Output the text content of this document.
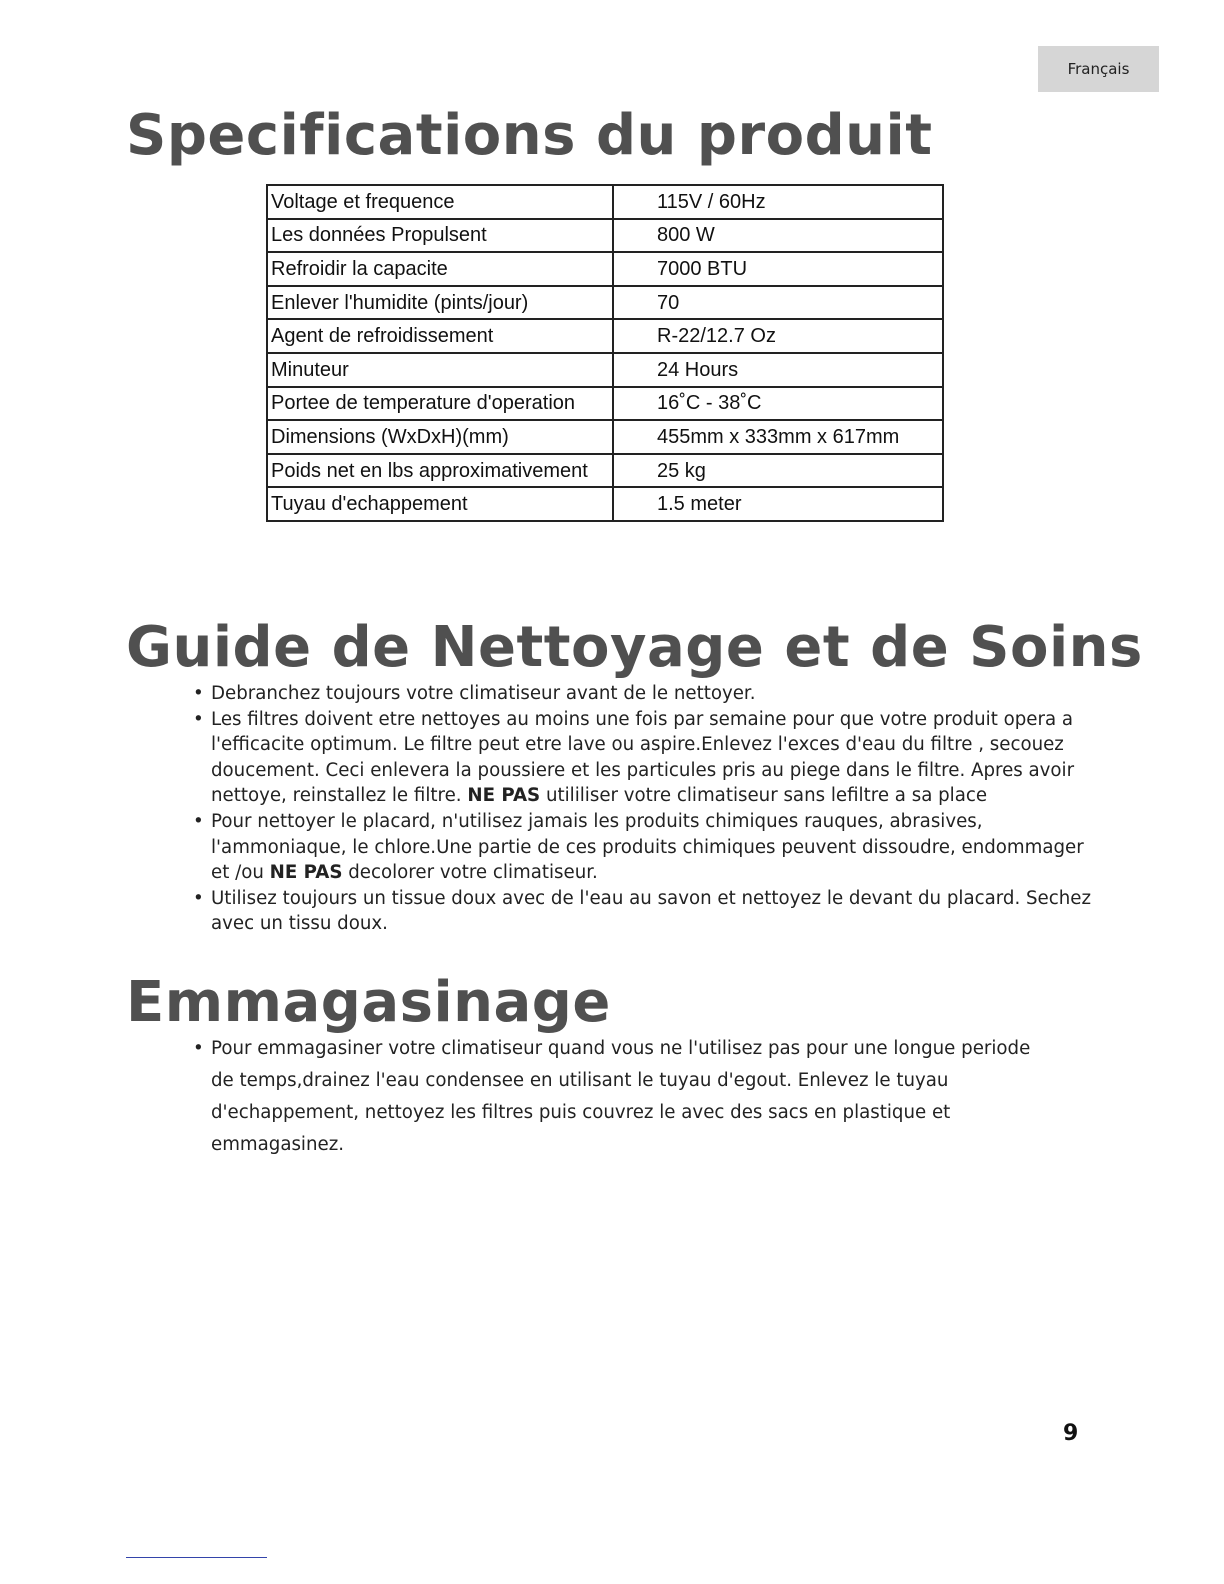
Français
Specifications du produit
Voltage et frequence	115V / 60Hz
Les données Propulsent	800 W
Refroidir la capacite	7000 BTU
Enlever l'humidite (pints/jour)	70
Agent de refroidissement	R-22/12.7 Oz
Minuteur	24 Hours
Portee de temperature d'operation	16˚C - 38˚C
Dimensions (WxDxH)(mm)	455mm x 333mm x 617mm
Poids net en lbs approximativement	25 kg
Tuyau d'echappement	1.5 meter
Guide de Nettoyage et de Soins
• Debranchez toujours votre climatiseur avant de le nettoyer.
• Les filtres doivent etre nettoyes au moins une fois par semaine pour que votre produit opera a l'efficacite optimum. Le filtre peut etre lave ou aspire.Enlevez l'exces d'eau du filtre , secouez doucement. Ceci enlevera la poussiere et les particules pris au piege dans le filtre. Apres avoir nettoye, reinstallez le filtre. NE PAS utililiser votre climatiseur sans lefiltre a sa place
• Pour nettoyer le placard, n'utilisez jamais les produits chimiques rauques, abrasives, l'ammoniaque, le chlore.Une partie de ces produits chimiques peuvent dissoudre, endommager et /ou NE PAS decolorer votre climatiseur.
• Utilisez toujours un tissue doux avec de l'eau au savon et nettoyez le devant du placard. Sechez avec un tissu doux.
Emmagasinage
• Pour emmagasiner votre climatiseur quand vous ne l'utilisez pas pour une longue periode de temps,drainez l'eau condensee en utilisant le tuyau d'egout. Enlevez le tuyau d'echappement, nettoyez les filtres puis couvrez le avec des sacs en plastique et emmagasinez.
9
